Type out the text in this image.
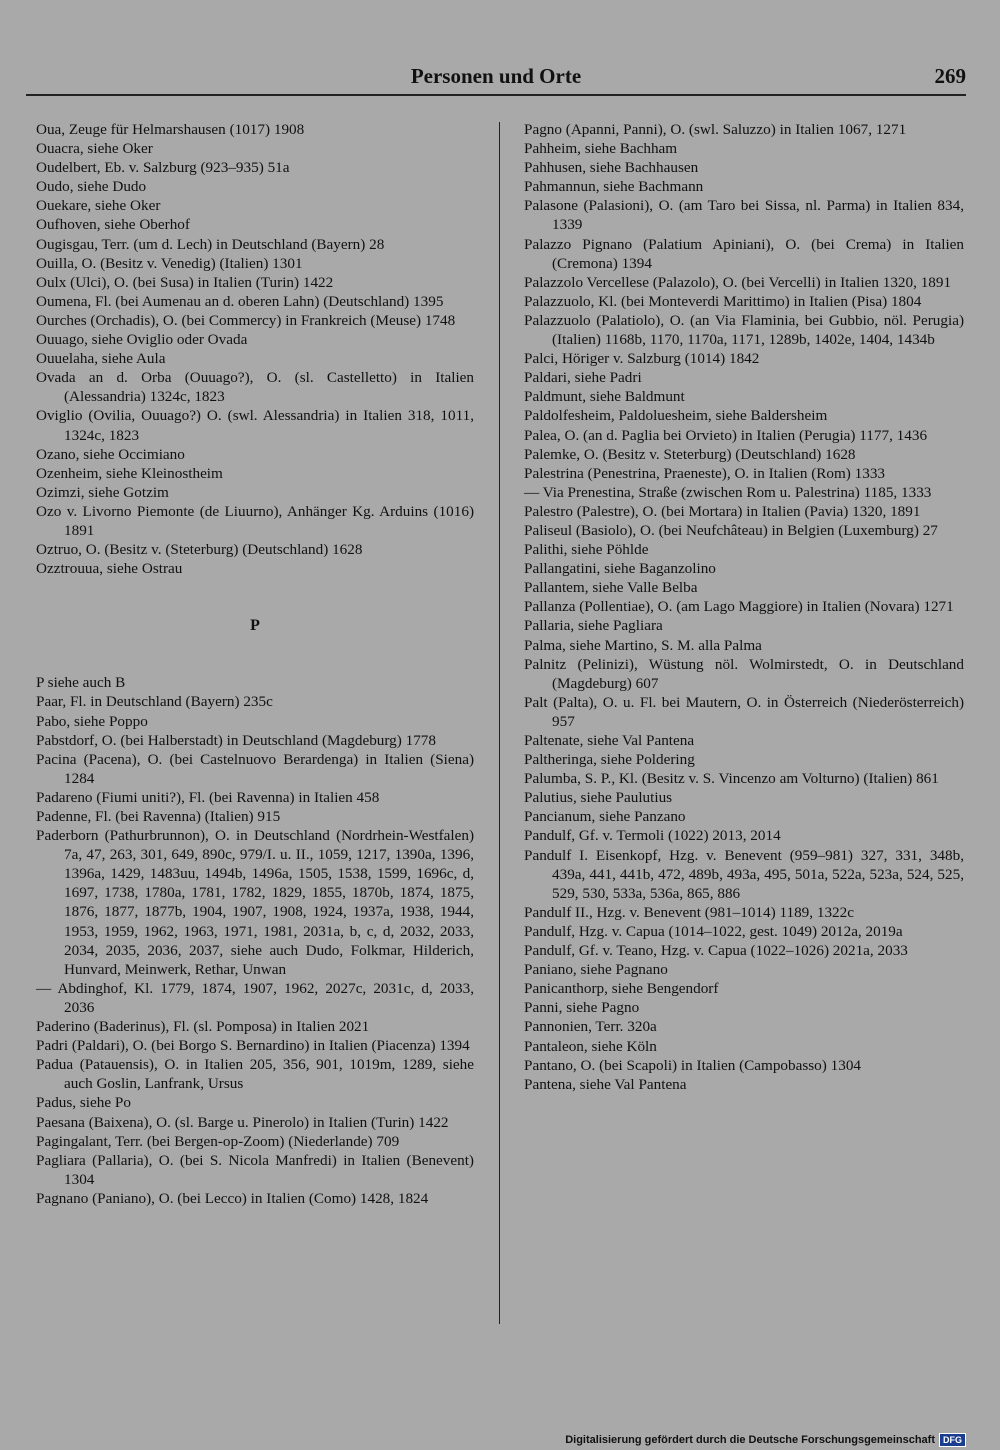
Personen und Orte	269

Oua, Zeuge für Helmarshausen (1017) 1908

Ouacra, siehe Oker

Oudelbert, Eb. v. Salzburg (923–935) 51a

Oudo, siehe Dudo

Ouekare, siehe Oker

Oufhoven, siehe Oberhof

Ougisgau, Terr. (um d. Lech) in Deutschland (Bayern) 28

Ouilla, O. (Besitz v. Venedig) (Italien) 1301

Oulx (Ulci), O. (bei Susa) in Italien (Turin) 1422

Oumena, Fl. (bei Aumenau an d. oberen Lahn) (Deutschland) 1395

Ourches (Orchadis), O. (bei Commercy) in Frankreich (Meuse) 1748

Ouuago, siehe Oviglio oder Ovada

Ouuelaha, siehe Aula

Ovada an d. Orba (Ouuago?), O. (sl. Castelletto) in Italien (Alessandria) 1324c, 1823

Oviglio (Ovilia, Ouuago?) O. (swl. Alessandria) in Italien 318, 1011, 1324c, 1823

Ozano, siehe Occimiano

Ozenheim, siehe Kleinostheim

Ozimzi, siehe Gotzim

Ozo v. Livorno Piemonte (de Liuurno), Anhänger Kg. Arduins (1016) 1891

Oztruo, O. (Besitz v. (Steterburg) (Deutschland) 1628

Ozztrouua, siehe Ostrau

P

P siehe auch B

Paar, Fl. in Deutschland (Bayern) 235c

Pabo, siehe Poppo

Pabstdorf, O. (bei Halberstadt) in Deutschland (Magdeburg) 1778

Pacina (Pacena), O. (bei Castelnuovo Berardenga) in Italien (Siena) 1284

Padareno (Fiumi uniti?), Fl. (bei Ravenna) in Italien 458

Padenne, Fl. (bei Ravenna) (Italien) 915

Paderborn (Pathurbrunnon), O. in Deutschland (Nordrhein-Westfalen) 7a, 47, 263, 301, 649, 890c, 979/I. u. II., 1059, 1217, 1390a, 1396, 1396a, 1429, 1483uu, 1494b, 1496a, 1505, 1538, 1599, 1696c, d, 1697, 1738, 1780a, 1781, 1782, 1829, 1855, 1870b, 1874, 1875, 1876, 1877, 1877b, 1904, 1907, 1908, 1924, 1937a, 1938, 1944, 1953, 1959, 1962, 1963, 1971, 1981, 2031a, b, c, d, 2032, 2033, 2034, 2035, 2036, 2037, siehe auch Dudo, Folkmar, Hilderich, Hunvard, Meinwerk, Rethar, Unwan

— Abdinghof, Kl. 1779, 1874, 1907, 1962, 2027c, 2031c, d, 2033, 2036

Paderino (Baderinus), Fl. (sl. Pomposa) in Italien 2021

Padri (Paldari), O. (bei Borgo S. Bernardino) in Italien (Piacenza) 1394

Padua (Patauensis), O. in Italien 205, 356, 901, 1019m, 1289, siehe auch Goslin, Lanfrank, Ursus

Padus, siehe Po

Paesana (Baixena), O. (sl. Barge u. Pinerolo) in Italien (Turin) 1422

Pagingalant, Terr. (bei Bergen-op-Zoom) (Niederlande) 709

Pagliara (Pallaria), O. (bei S. Nicola Manfredi) in Italien (Benevent) 1304

Pagnano (Paniano), O. (bei Lecco) in Italien (Como) 1428, 1824

Pagno (Apanni, Panni), O. (swl. Saluzzo) in Italien 1067, 1271

Pahheim, siehe Bachham

Pahhusen, siehe Bachhausen

Pahmannun, siehe Bachmann

Palasone (Palasioni), O. (am Taro bei Sissa, nl. Parma) in Italien 834, 1339

Palazzo Pignano (Palatium Apiniani), O. (bei Crema) in Italien (Cremona) 1394

Palazzolo Vercellese (Palazolo), O. (bei Vercelli) in Italien 1320, 1891

Palazzuolo, Kl. (bei Monteverdi Marittimo) in Italien (Pisa) 1804

Palazzuolo (Palatiolo), O. (an Via Flaminia, bei Gubbio, nöl. Perugia) (Italien) 1168b, 1170, 1170a, 1171, 1289b, 1402e, 1404, 1434b

Palci, Höriger v. Salzburg (1014) 1842

Paldari, siehe Padri

Paldmunt, siehe Baldmunt

Paldolfesheim, Paldoluesheim, siehe Baldersheim

Palea, O. (an d. Paglia bei Orvieto) in Italien (Perugia) 1177, 1436

Palemke, O. (Besitz v. Steterburg) (Deutschland) 1628

Palestrina (Penestrina, Praeneste), O. in Italien (Rom) 1333

— Via Prenestina, Straße (zwischen Rom u. Palestrina) 1185, 1333

Palestro (Palestre), O. (bei Mortara) in Italien (Pavia) 1320, 1891

Paliseul (Basiolo), O. (bei Neufchâteau) in Belgien (Luxemburg) 27

Palithi, siehe Pöhlde

Pallangatini, siehe Baganzolino

Pallantem, siehe Valle Belba

Pallanza (Pollentiae), O. (am Lago Maggiore) in Italien (Novara) 1271

Pallaria, siehe Pagliara

Palma, siehe Martino, S. M. alla Palma

Palnitz (Pelinizi), Wüstung nöl. Wolmirstedt, O. in Deutschland (Magdeburg) 607

Palt (Palta), O. u. Fl. bei Mautern, O. in Österreich (Niederösterreich) 957

Paltenate, siehe Val Pantena

Paltheringa, siehe Poldering

Palumba, S. P., Kl. (Besitz v. S. Vincenzo am Volturno) (Italien) 861

Palutius, siehe Paulutius

Pancianum, siehe Panzano

Pandulf, Gf. v. Termoli (1022) 2013, 2014

Pandulf I. Eisenkopf, Hzg. v. Benevent (959–981) 327, 331, 348b, 439a, 441, 441b, 472, 489b, 493a, 495, 501a, 522a, 523a, 524, 525, 529, 530, 533a, 536a, 865, 886

Pandulf II., Hzg. v. Benevent (981–1014) 1189, 1322c

Pandulf, Hzg. v. Capua (1014–1022, gest. 1049) 2012a, 2019a

Pandulf, Gf. v. Teano, Hzg. v. Capua (1022–1026) 2021a, 2033

Paniano, siehe Pagnano

Panicanthorp, siehe Bengendorf

Panni, siehe Pagno

Pannonien, Terr. 320a

Pantaleon, siehe Köln

Pantano, O. (bei Scapoli) in Italien (Campobasso) 1304

Pantena, siehe Val Pantena

Digitalisierung gefördert durch die Deutsche Forschungsgemeinschaft DFG
